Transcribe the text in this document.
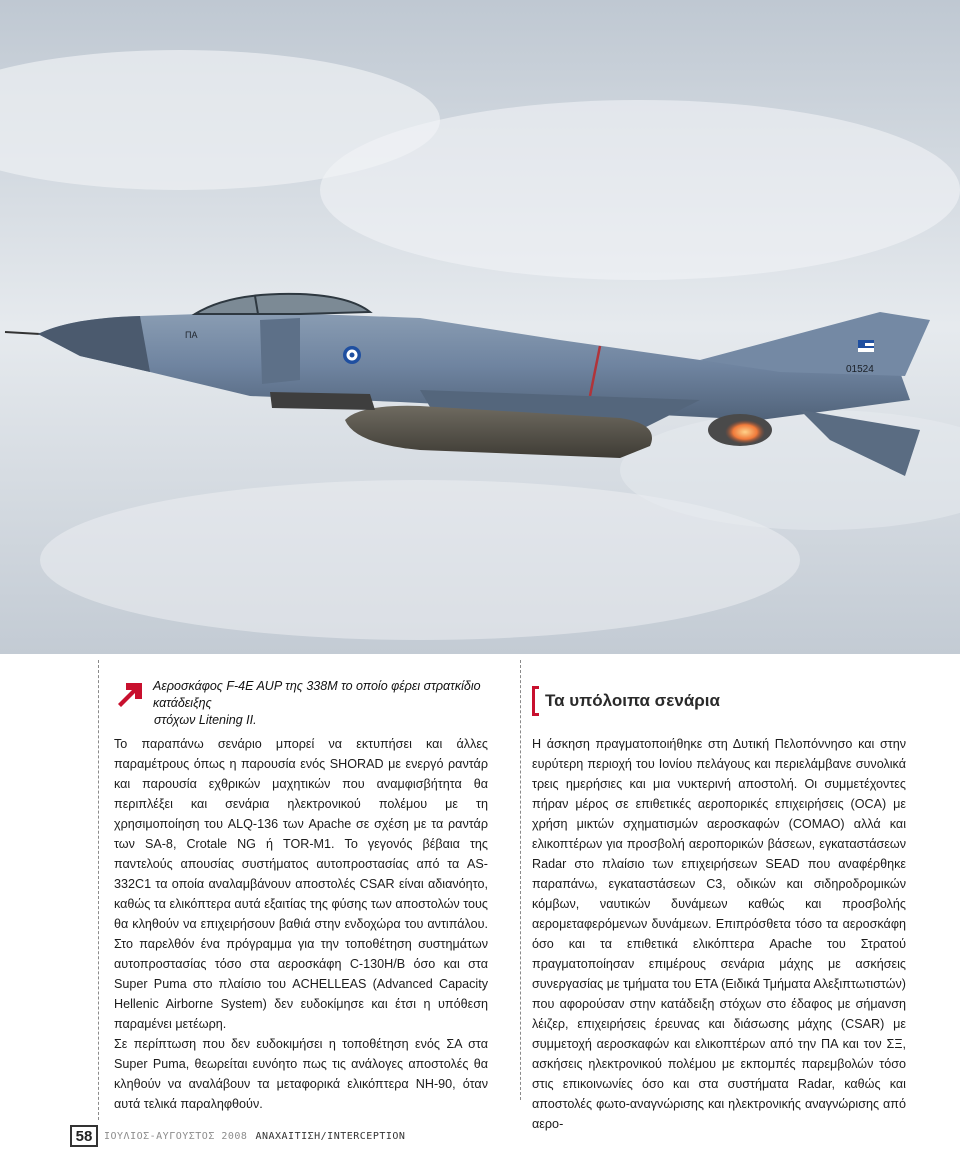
ΠΑ
01524

Αεροσκάφος F-4E AUP της 338Μ το οποίο φέρει στρατκίδιο κατάδειξης

στόχων Litening II.

Τα υπόλοιπα σενάρια

Το παραπάνω σενάριο μπορεί να εκτυπήσει και άλλες παραμέτρους όπως η παρουσία ενός SHORAD με ενεργό ραντάρ και παρουσία εχθρικών μαχητικών που αναμφισβήτητα θα περιπλέξει και σενάρια ηλεκτρονικού πολέμου με τη χρησιμοποίηση του ALQ-136 των Apache σε σχέση με τα ραντάρ των SA-8, Crotale NG ή TOR-M1. Το γεγονός βέβαια της παντελούς απουσίας συστήματος αυτοπροστασίας από τα AS-332C1 τα οποία αναλαμβάνουν αποστολές CSAR είναι αδιανόητο, καθώς τα ελικόπτερα αυτά εξαιτίας της φύσης των αποστολών τους θα κληθούν να επιχειρήσουν βαθιά στην ενδοχώρα του αντιπάλου. Στο παρελθόν ένα πρόγραμμα για την τοποθέτηση συστημάτων αυτοπροστασίας τόσο στα αεροσκάφη C-130H/B όσο και στα Super Puma στο πλαίσιο του ACHELLEAS (Advanced Capacity Hellenic Airborne System) δεν ευδοκίμησε και έτσι η υπόθεση παραμένει μετέωρη.

Σε περίπτωση που δεν ευδοκιμήσει η τοποθέτηση ενός ΣΑ στα Super Puma, θεωρείται ευνόητο πως τις ανάλογες αποστολές θα κληθούν να αναλάβουν τα μεταφορικά ελικόπτερα NH-90, όταν αυτά τελικά παραληφθούν.

Η άσκηση πραγματοποιήθηκε στη Δυτική Πελοπόννησο και στην ευρύτερη περιοχή του Ιονίου πελάγους και περιελάμβανε συνολικά τρεις ημερήσιες και μια νυκτερινή αποστολή. Οι συμμετέχοντες πήραν μέρος σε επιθετικές αεροπορικές επιχειρήσεις (OCA) με χρήση μικτών σχηματισμών αεροσκαφών (COMAO) αλλά και ελικοπτέρων για προσβολή αεροπορικών βάσεων, εγκαταστάσεων Radar στο πλαίσιο των επιχειρήσεων SEAD που αναφέρθηκε παραπάνω, εγκαταστάσεων C3, οδικών και σιδηροδρομικών κόμβων, ναυτικών δυνάμεων καθώς και προσβολής αερομεταφερόμενων δυνάμεων. Επιπρόσθετα τόσο τα αεροσκάφη όσο και τα επιθετικά ελικόπτερα Apache του Στρατού πραγματοποίησαν επιμέρους σενάρια μάχης με ασκήσεις συνεργασίας με τμήματα του ΕΤΑ (Ειδικά Τμήματα Αλεξιπτωτιστών) που αφορούσαν στην κατάδειξη στόχων στο έδαφος με σήμανση λέιζερ, επιχειρήσεις έρευνας και διάσωσης μάχης (CSAR) με συμμετοχή αεροσκαφών και ελικοπτέρων από την ΠΑ και τον ΣΞ, ασκήσεις ηλεκτρονικού πολέμου με εκπομπές παρεμβολών τόσο στις επικοινωνίες όσο και στα συστήματα Radar, καθώς και αποστολές φωτο-αναγνώρισης και ηλεκτρονικής αναγνώρισης από αερο-

58	ΙΟΥΛΙΟΣ-ΑΥΓΟΥΣΤΟΣ 2008 ΑΝΑΧΑΙΤΙΣΗ/INTERCEPTION
